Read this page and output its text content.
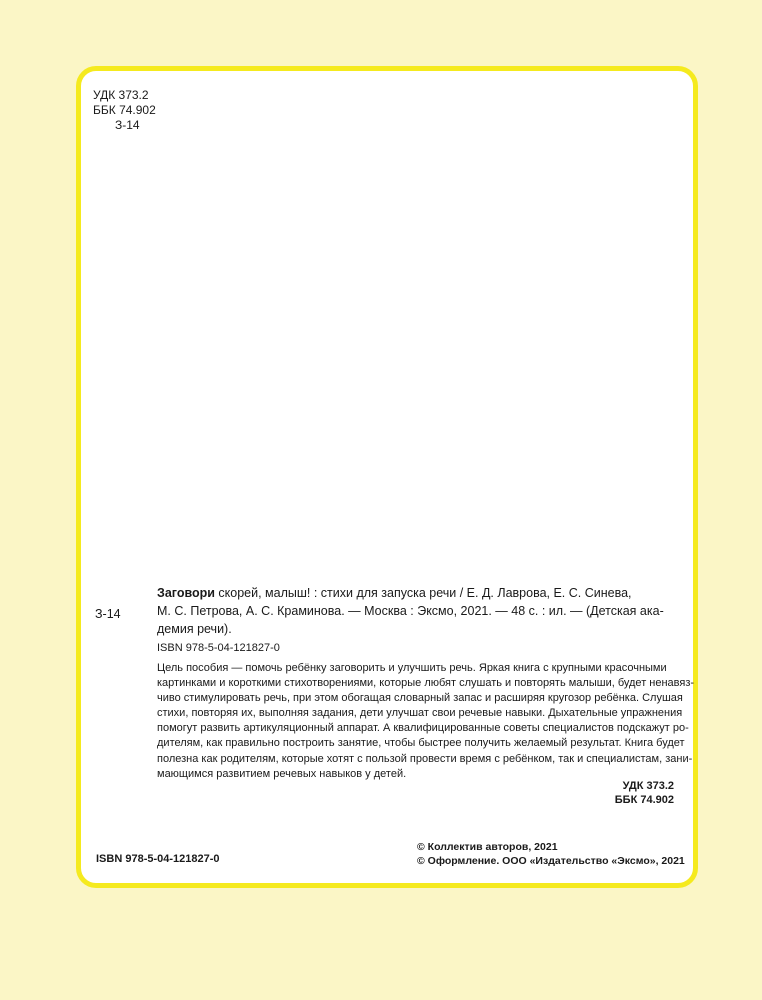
УДК 373.2
ББК 74.902
З-14
З-14
Заговори скорей, малыш! : стихи для запуска речи / Е. Д. Лаврова, Е. С. Синева,
М. С. Петрова, А. С. Краминова. — Москва : Эксмо, 2021. — 48 с. : ил. — (Детская ака-
демия речи).
ISBN 978-5-04-121827-0
Цель пособия — помочь ребёнку заговорить и улучшить речь. Яркая книга с крупными красочными
картинками и короткими стихотворениями, которые любят слушать и повторять малыши, будет ненавяз-
чиво стимулировать речь, при этом обогащая словарный запас и расширяя кругозор ребёнка. Слушая
стихи, повторяя их, выполняя задания, дети улучшат свои речевые навыки. Дыхательные упражнения
помогут развить артикуляционный аппарат. А квалифицированные советы специалистов подскажут ро-
дителям, как правильно построить занятие, чтобы быстрее получить желаемый результат. Книга будет
полезна как родителям, которые хотят с пользой провести время с ребёнком, так и специалистам, зани-
мающимся развитием речевых навыков у детей.
УДК 373.2
ББК 74.902
ISBN 978-5-04-121827-0
© Коллектив авторов, 2021
© Оформление. ООО «Издательство «Эксмо», 2021
